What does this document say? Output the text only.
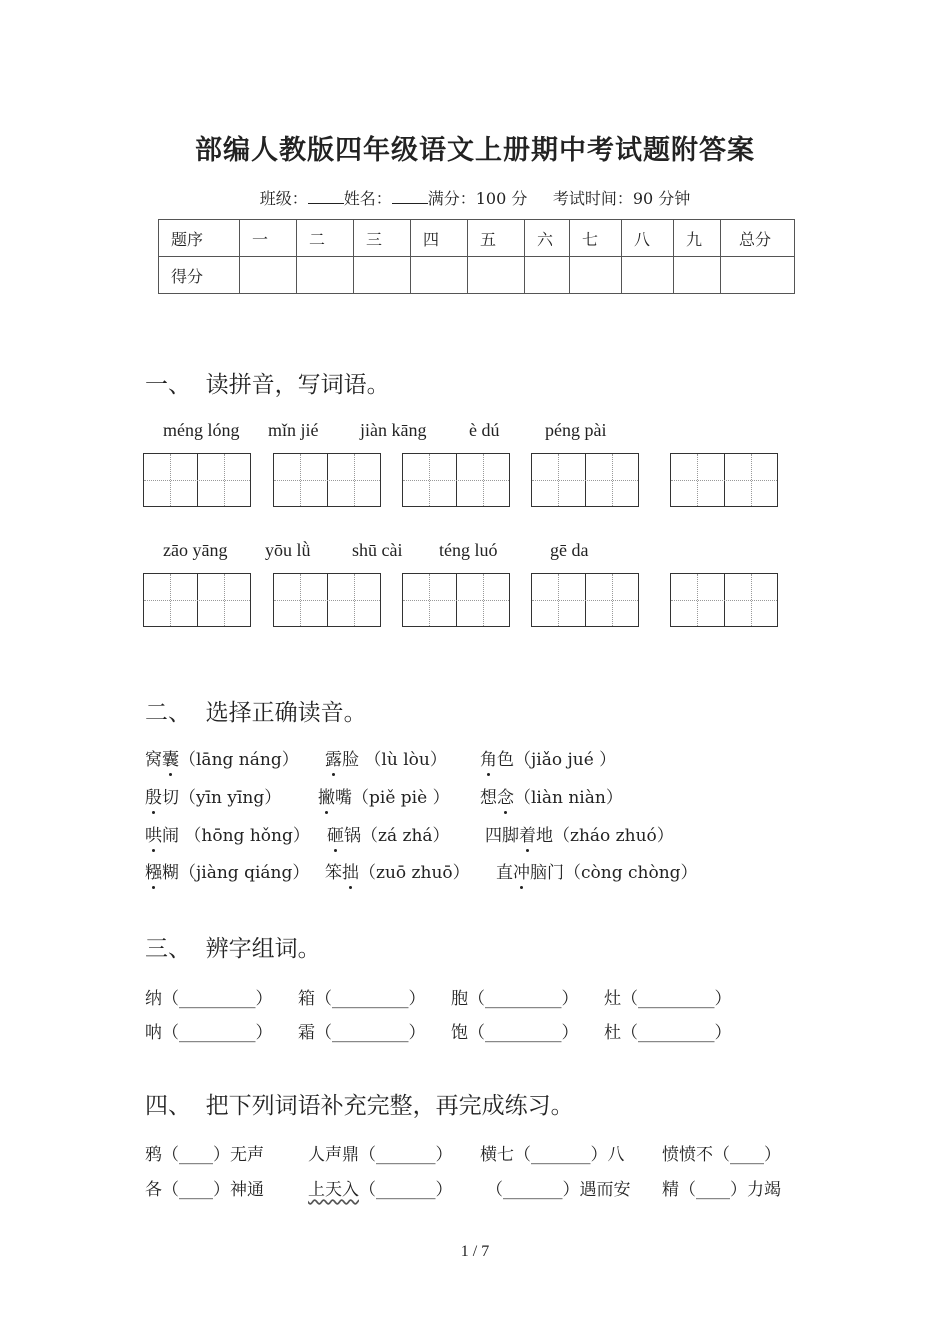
部编人教版四年级语文上册期中考试题附答案
班级： 姓名： 满分：100 分 考试时间：90 分钟
题序	一	二	三	四	五	六	七	八	九	总分

得分										

一、  读拼音，写词语。
méng lóng mǐn jié jiàn kāng è dú	péng pài
zāo yāng yōu lǜ shū cài téng luó	gē da
二、  选择正确读音。
窝囊（lāng náng） 露脸 （lù lòu） 角色（jiǎo jué ）
殷切（yīn yīng） 撇嘴（piě piè ） 想念（liàn niàn）
哄闹 （hōng hǒng） 砸锅（zá zhá） 四脚着地（zháo zhuó）
糨糊（jiàng qiáng） 笨拙（zuō zhuō） 直冲脑门（còng chòng）
三、  辨字组词。
纳（_________） 箱（_________） 胞（_________） 灶（_________）
呐（_________） 霜（_________） 饱（_________） 杜（_________）
四、  把下列词语补充完整，再完成练习。
鸦（____）无声	人声鼎（_______） 横七（_______）八 愤愤不（____）
各（____）神通	上天入（_______） （_______）遇而安 精（____）力竭
1 / 7
